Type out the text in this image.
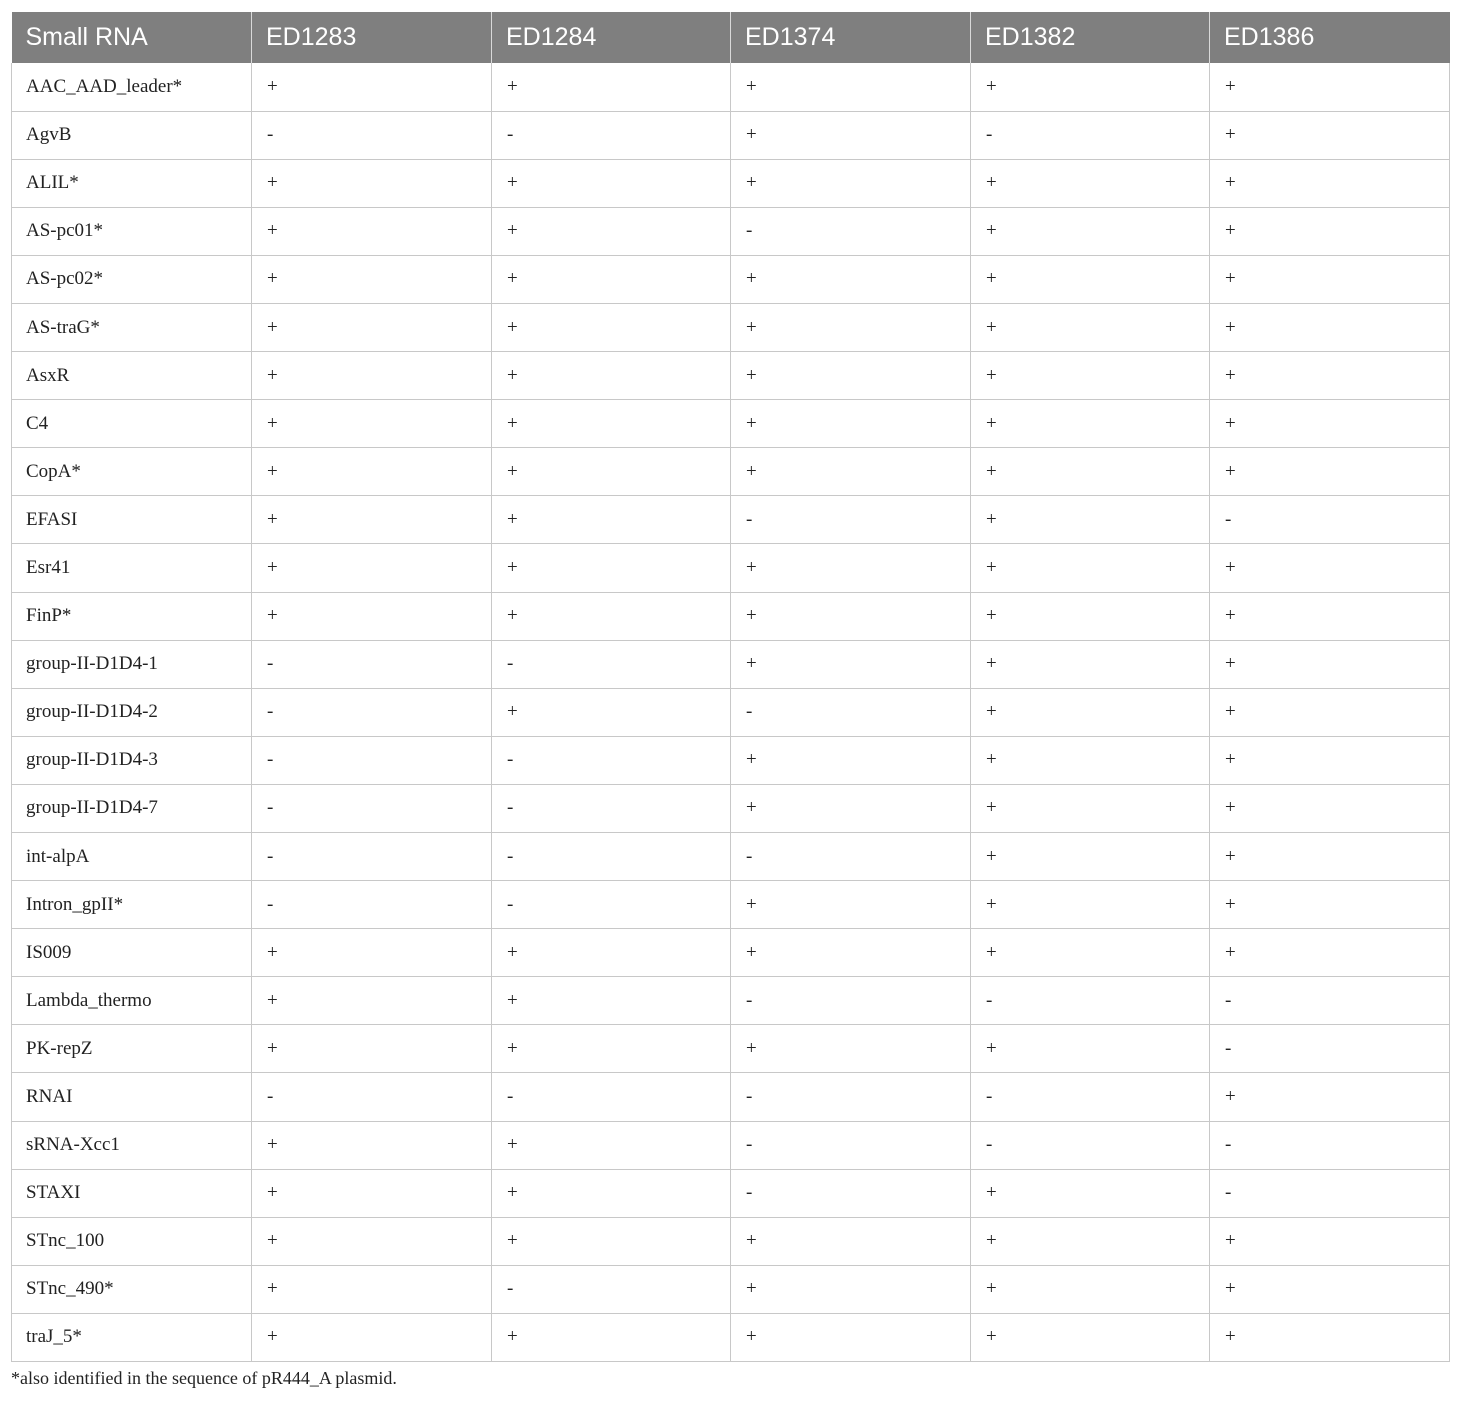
Small RNA	ED1283	ED1284	ED1374	ED1382	ED1386
AAC_AAD_leader*	+	+	+	+	+
AgvB	-	-	+	-	+
ALIL*	+	+	+	+	+
AS-pc01*	+	+	-	+	+
AS-pc02*	+	+	+	+	+
AS-traG*	+	+	+	+	+
AsxR	+	+	+	+	+
C4	+	+	+	+	+
CopA*	+	+	+	+	+
EFASI	+	+	-	+	-
Esr41	+	+	+	+	+
FinP*	+	+	+	+	+
group-II-D1D4-1	-	-	+	+	+
group-II-D1D4-2	-	+	-	+	+
group-II-D1D4-3	-	-	+	+	+
group-II-D1D4-7	-	-	+	+	+
int-alpA	-	-	-	+	+
Intron_gpII*	-	-	+	+	+
IS009	+	+	+	+	+
Lambda_thermo	+	+	-	-	-
PK-repZ	+	+	+	+	-
RNAI	-	-	-	-	+
sRNA-Xcc1	+	+	-	-	-
STAXI	+	+	-	+	-
STnc_100	+	+	+	+	+
STnc_490*	+	-	+	+	+
traJ_5*	+	+	+	+	+
*also identified in the sequence of pR444_A plasmid.
